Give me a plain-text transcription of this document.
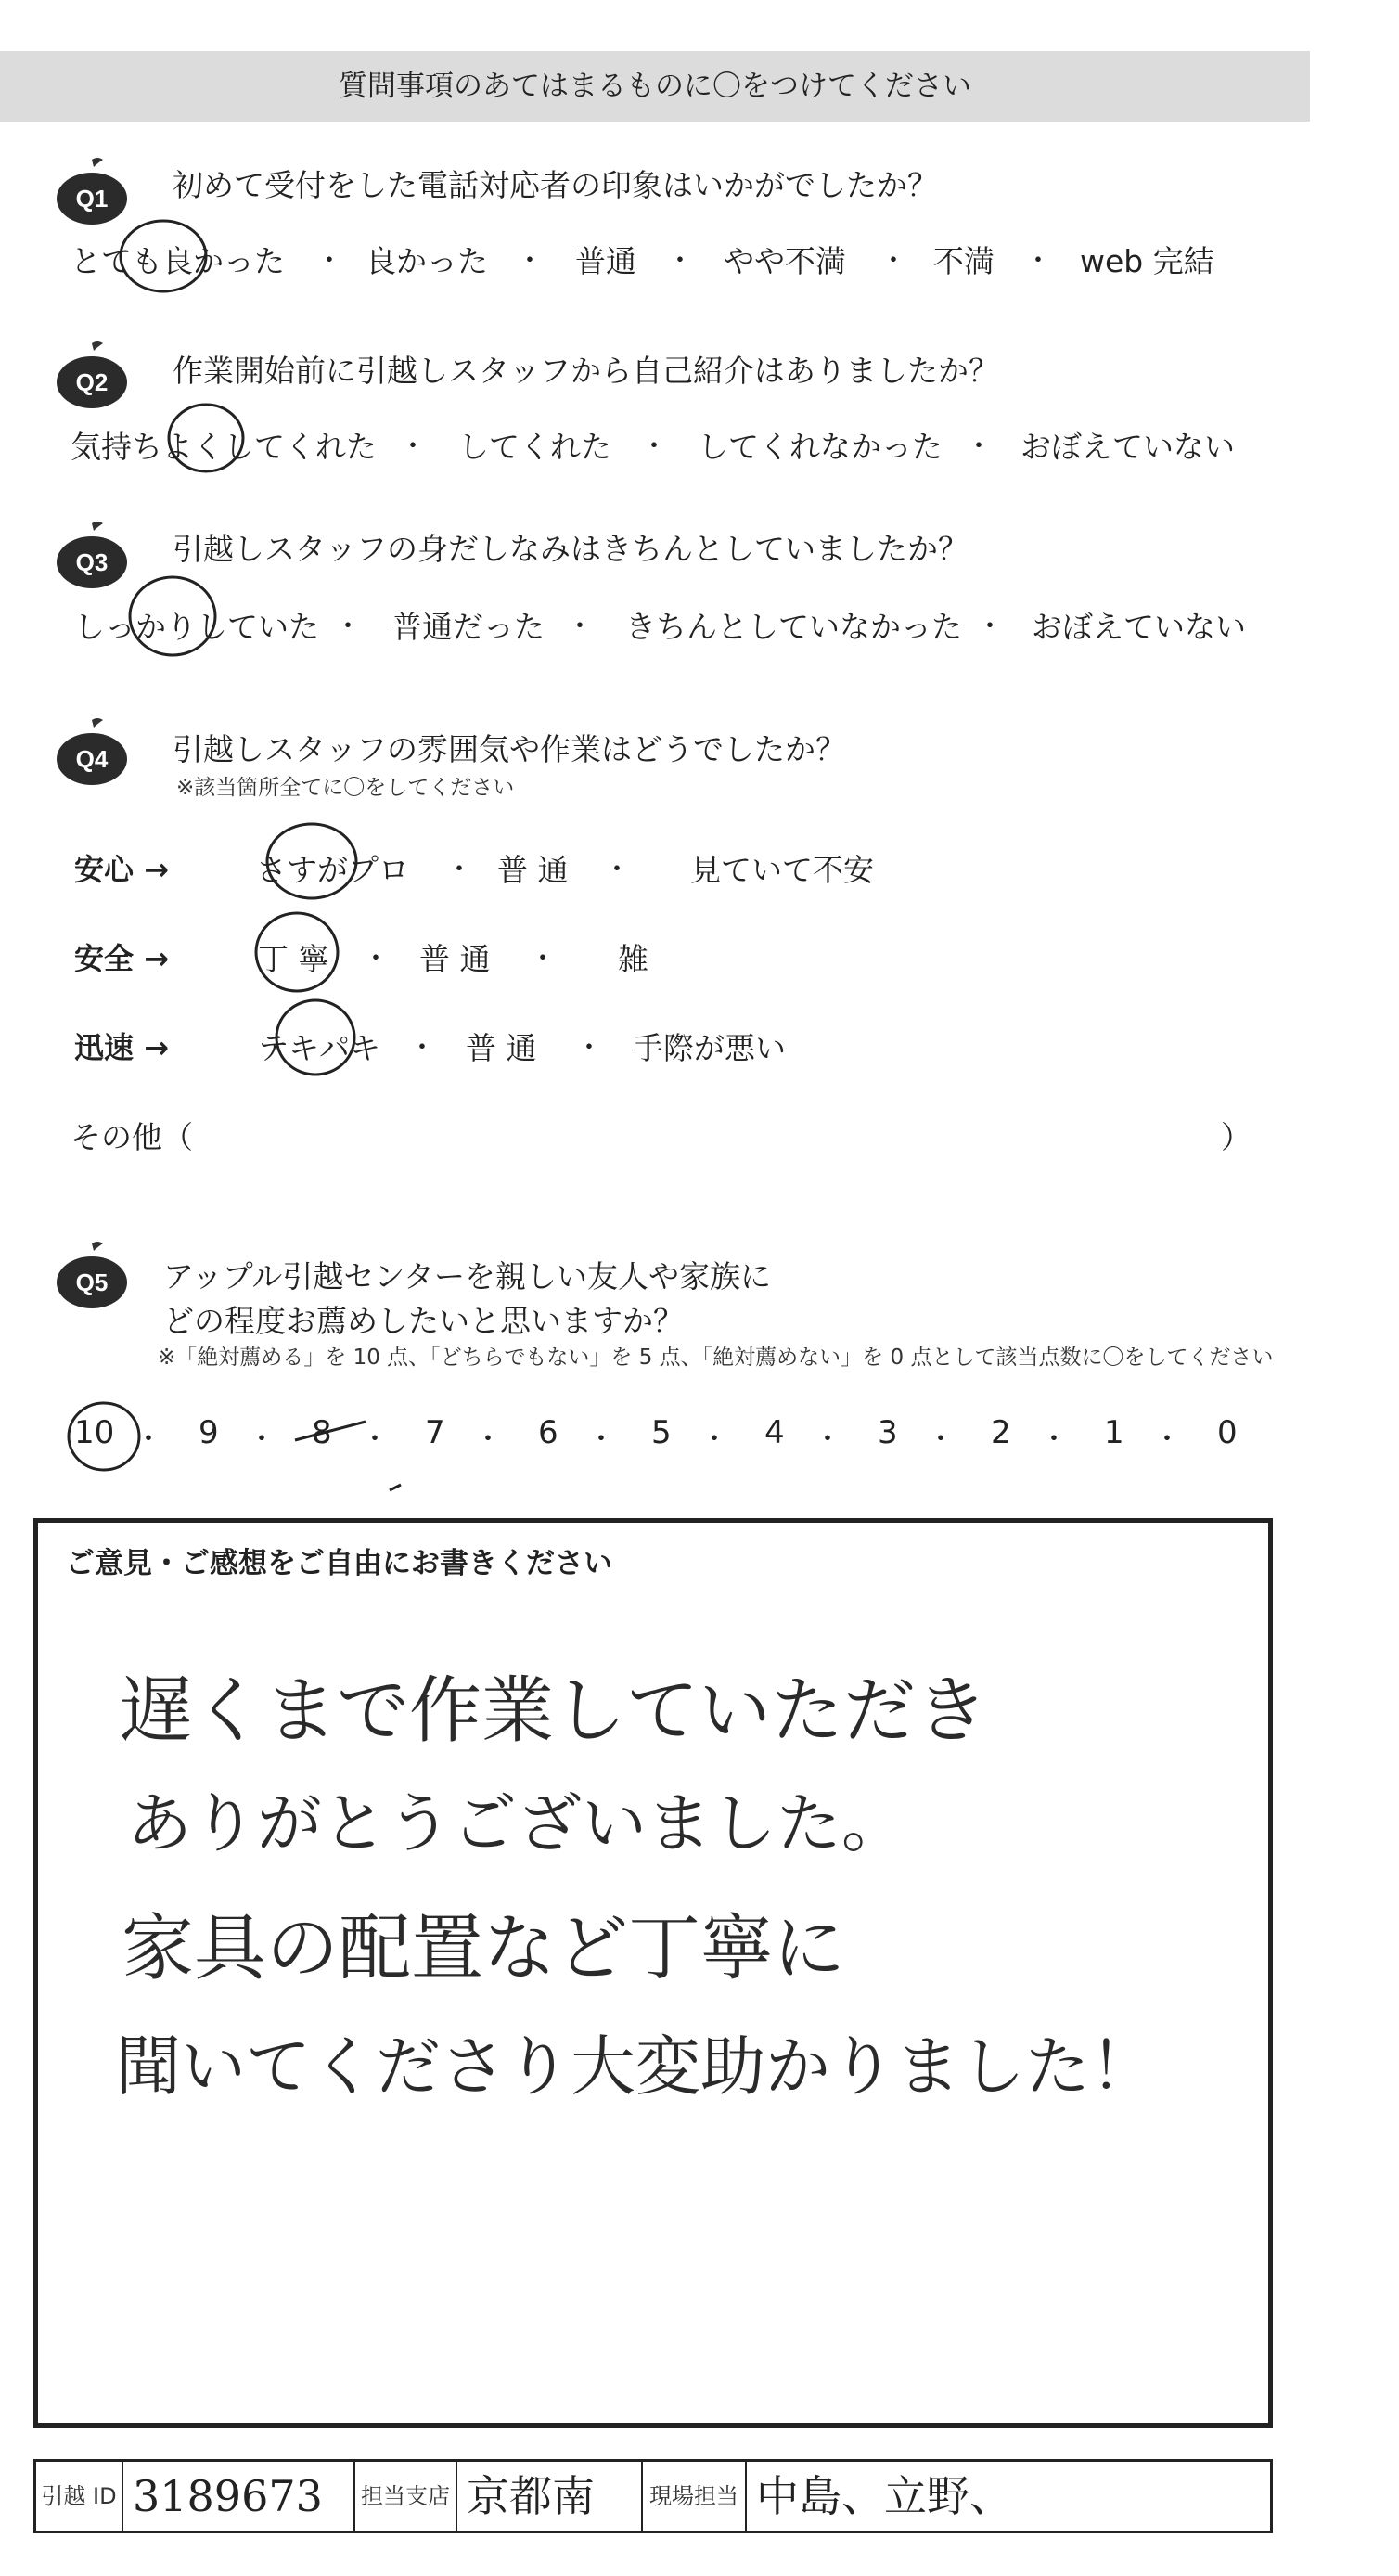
質問事項のあてはまるものに〇をつけてください
Q1 初めて受付をした電話対応者の印象はいかがでしたか？
とても良かった ・ 良かった ・ 普通 ・ やや不満 ・ 不満 ・ web 完結
Q2 作業開始前に引越しスタッフから自己紹介はありましたか？
気持ちよくしてくれた ・ してくれた ・ してくれなかった ・ おぼえていない
Q3 引越しスタッフの身だしなみはきちんとしていましたか？
しっかりしていた ・ 普通だった ・ きちんとしていなかった ・ おぼえていない
Q4 引越しスタッフの雰囲気や作業はどうでしたか？
※該当箇所全てに〇をしてください
安心 →	さすがプロ ・ 普 通 ・ 見ていて不安
安全 →	丁 寧 ・ 普 通 ・ 雑
迅速 →	テキパキ ・ 普 通 ・ 手際が悪い
その他（	）
Q5 アップル引越センターを親しい友人や家族に
どの程度お薦めしたいと思いますか？
※「絶対薦める」を 10 点、「どちらでもない」を 5 点、「絶対薦めない」を 0 点として該当点数に〇をしてください
10 ・ 9 ・ 8 ・ 7 ・ 6 ・ 5 ・ 4 ・ 3 ・ 2 ・ 1 ・ 0
ご意見・ご感想をご自由にお書きください
遅くまで作業していただき
ありがとうございました。
家具の配置など丁寧に
聞いてくださり大変助かりました！
引越 ID 3189673	担当支店 京都南	現場担当 中島、立野、
